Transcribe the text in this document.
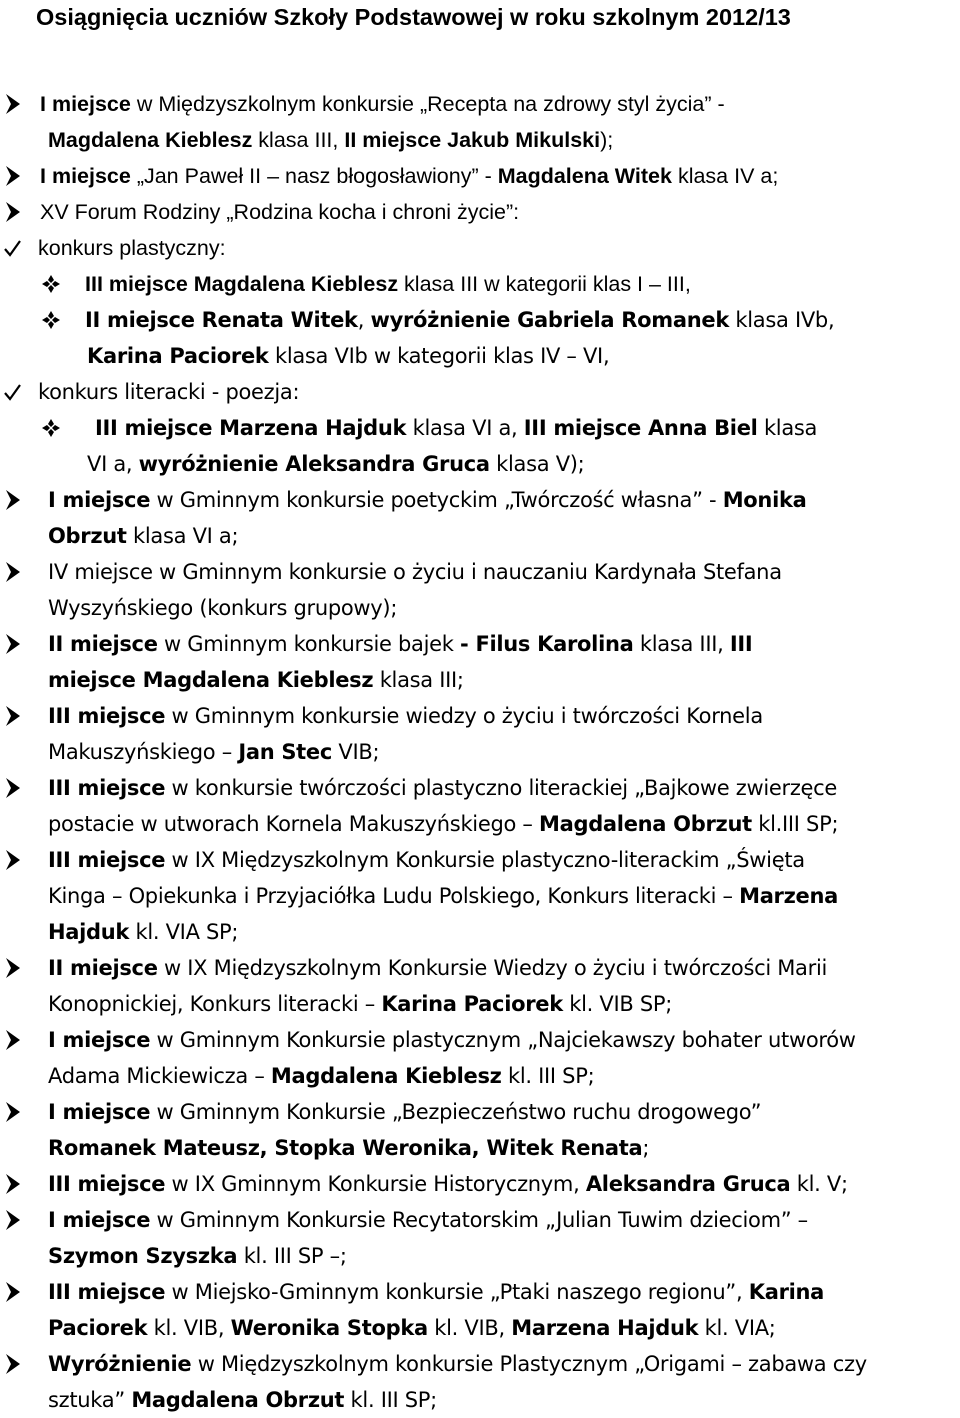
Osiągnięcia uczniów Szkoły Podstawowej w roku szkolnym 2012/13
I miejsce w Międzyszkolnym konkursie „Recepta na zdrowy styl życia” -
Magdalena Kieblesz klasa III, II miejsce Jakub Mikulski);
I miejsce „Jan Paweł II – nasz błogosławiony” - Magdalena Witek klasa IV a;
XV Forum Rodziny „Rodzina kocha i chroni życie”:
konkurs plastyczny:
III miejsce Magdalena Kieblesz klasa III w kategorii klas I – III,
II miejsce Renata Witek, wyróżnienie Gabriela Romanek klasa IVb,
Karina Paciorek klasa VIb w kategorii klas IV – VI,
konkurs literacki - poezja:
III miejsce Marzena Hajduk klasa VI a, III miejsce Anna Biel klasa
VI a, wyróżnienie Aleksandra Gruca klasa V);
I miejsce w Gminnym konkursie poetyckim „Twórczość własna” - Monika
Obrzut klasa VI a;
IV miejsce w Gminnym konkursie o życiu i nauczaniu Kardynała Stefana
Wyszyńskiego (konkurs grupowy);
II miejsce w Gminnym konkursie bajek - Filus Karolina klasa III, III
miejsce Magdalena Kieblesz klasa III;
III miejsce w Gminnym konkursie wiedzy o życiu i twórczości Kornela
Makuszyńskiego – Jan Stec VIB;
III miejsce w konkursie twórczości plastyczno literackiej „Bajkowe zwierzęce
postacie w utworach Kornela Makuszyńskiego – Magdalena Obrzut kl.III SP;
III miejsce w IX Międzyszkolnym Konkursie plastyczno-literackim „Święta
Kinga – Opiekunka i Przyjaciółka Ludu Polskiego, Konkurs literacki – Marzena
Hajduk kl. VIA SP;
II miejsce w IX Międzyszkolnym Konkursie Wiedzy o życiu i twórczości Marii
Konopnickiej, Konkurs literacki – Karina Paciorek kl. VIB SP;
I miejsce w Gminnym Konkursie plastycznym „Najciekawszy bohater utworów
Adama Mickiewicza – Magdalena Kieblesz kl. III SP;
I miejsce w Gminnym Konkursie „Bezpieczeństwo ruchu drogowego”
Romanek Mateusz, Stopka Weronika, Witek Renata;
III miejsce w IX Gminnym Konkursie Historycznym, Aleksandra Gruca kl. V;
I miejsce w Gminnym Konkursie Recytatorskim „Julian Tuwim dzieciom” –
Szymon Szyszka kl. III SP –;
III miejsce w Miejsko-Gminnym konkursie „Ptaki naszego regionu”, Karina
Paciorek kl. VIB, Weronika Stopka kl. VIB, Marzena Hajduk kl. VIA;
Wyróżnienie w Międzyszkolnym konkursie Plastycznym „Origami – zabawa czy
sztuka” Magdalena Obrzut kl. III SP;
